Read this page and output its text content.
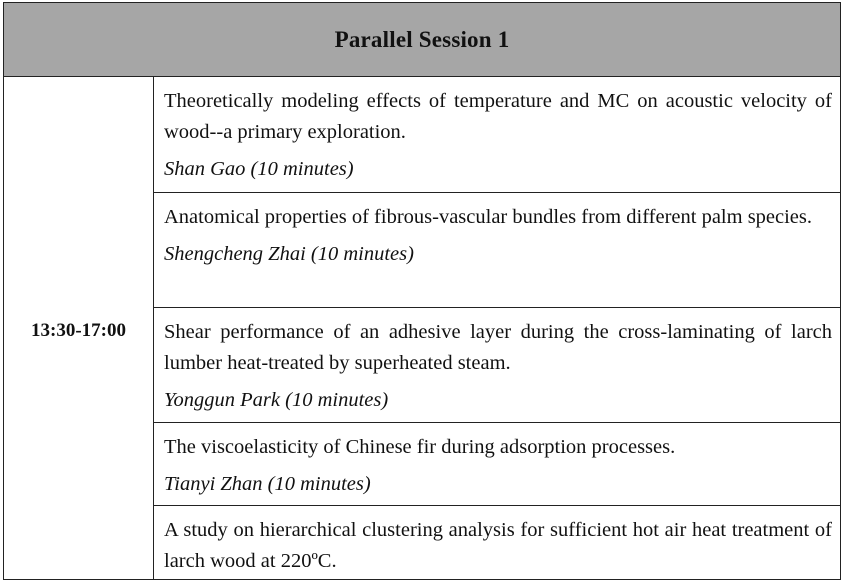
Parallel Session 1
13:30-17:00

Theoretically modeling effects of temperature and MC on acoustic velocity of wood--a primary exploration.

Shan Gao (10 minutes)

Anatomical properties of fibrous-vascular bundles from different palm species.

Shengcheng Zhai (10 minutes)

Shear performance of an adhesive layer during the cross-laminating of larch lumber heat-treated by superheated steam.

Yonggun Park (10 minutes)

The viscoelasticity of Chinese fir during adsorption processes.

Tianyi Zhan (10 minutes)

A study on hierarchical clustering analysis for sufficient hot air heat treatment of larch wood at 220ºC.
